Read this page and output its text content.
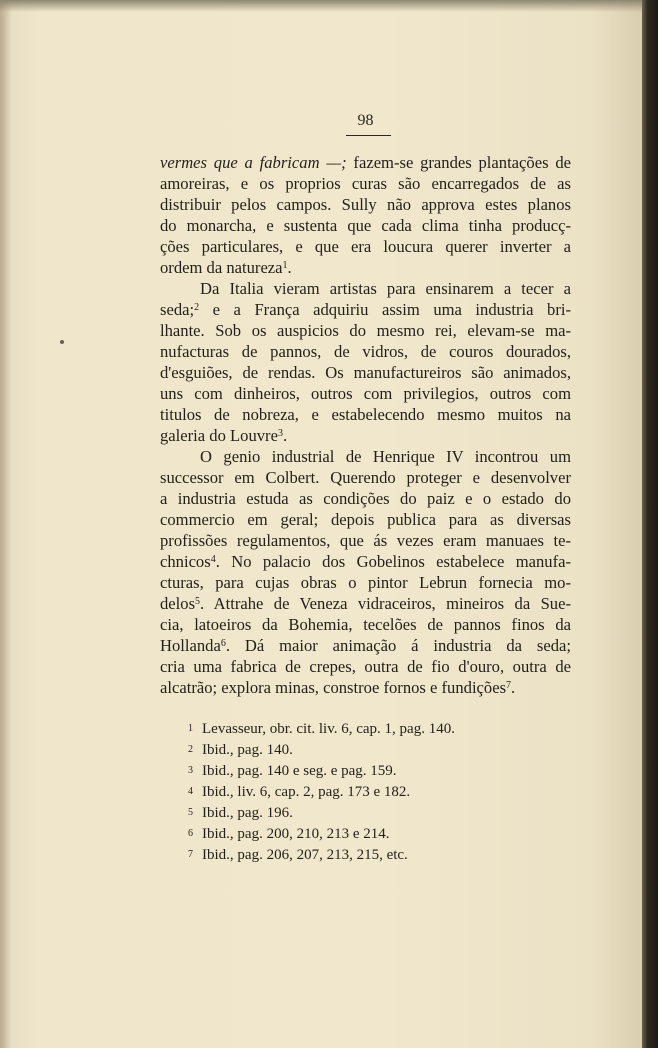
98
vermes que a fabricam —; fazem-se grandes plantações de
amoreiras, e os proprios curas são encarregados de as
distribuir pelos campos. Sully não approva estes planos
do monarcha, e sustenta que cada clima tinha producç-
ções particulares, e que era loucura querer inverter a
ordem da natureza$^1$.
Da Italia vieram artistas para ensinarem a tecer a
seda;$^2$ e a França adquiriu assim uma industria bri-
lhante. Sob os auspicios do mesmo rei, elevam-se ma-
nufacturas de pannos, de vidros, de couros dourados,
d'esguiões, de rendas. Os manufactureiros são animados,
uns com dinheiros, outros com privilegios, outros com
titulos de nobreza, e estabelecendo mesmo muitos na
galeria do Louvre$^3$.
O genio industrial de Henrique IV incontrou um
successor em Colbert. Querendo proteger e desenvolver
a industria estuda as condições do paiz e o estado do
commercio em geral; depois publica para as diversas
profissões regulamentos, que ás vezes eram manuaes te-
chnicos$^4$. No palacio dos Gobelinos estabelece manufa-
cturas, para cujas obras o pintor Lebrun fornecia mo-
delos$^5$. Attrahe de Veneza vidraceiros, mineiros da Sue-
cia, latoeiros da Bohemia, tecelões de pannos finos da
Hollanda$^6$. Dá maior animação á industria da seda;
cria uma fabrica de crepes, outra de fio d'ouro, outra de
alcatrão; explora minas, constroe fornos e fundições$^7$.
1 Levasseur, obr. cit. liv. 6, cap. 1, pag. 140.
2 Ibid., pag. 140.
3 Ibid., pag. 140 e seg. e pag. 159.
4 Ibid., liv. 6, cap. 2, pag. 173 e 182.
5 Ibid., pag. 196.
6 Ibid., pag. 200, 210, 213 e 214.
7 Ibid., pag. 206, 207, 213, 215, etc.
